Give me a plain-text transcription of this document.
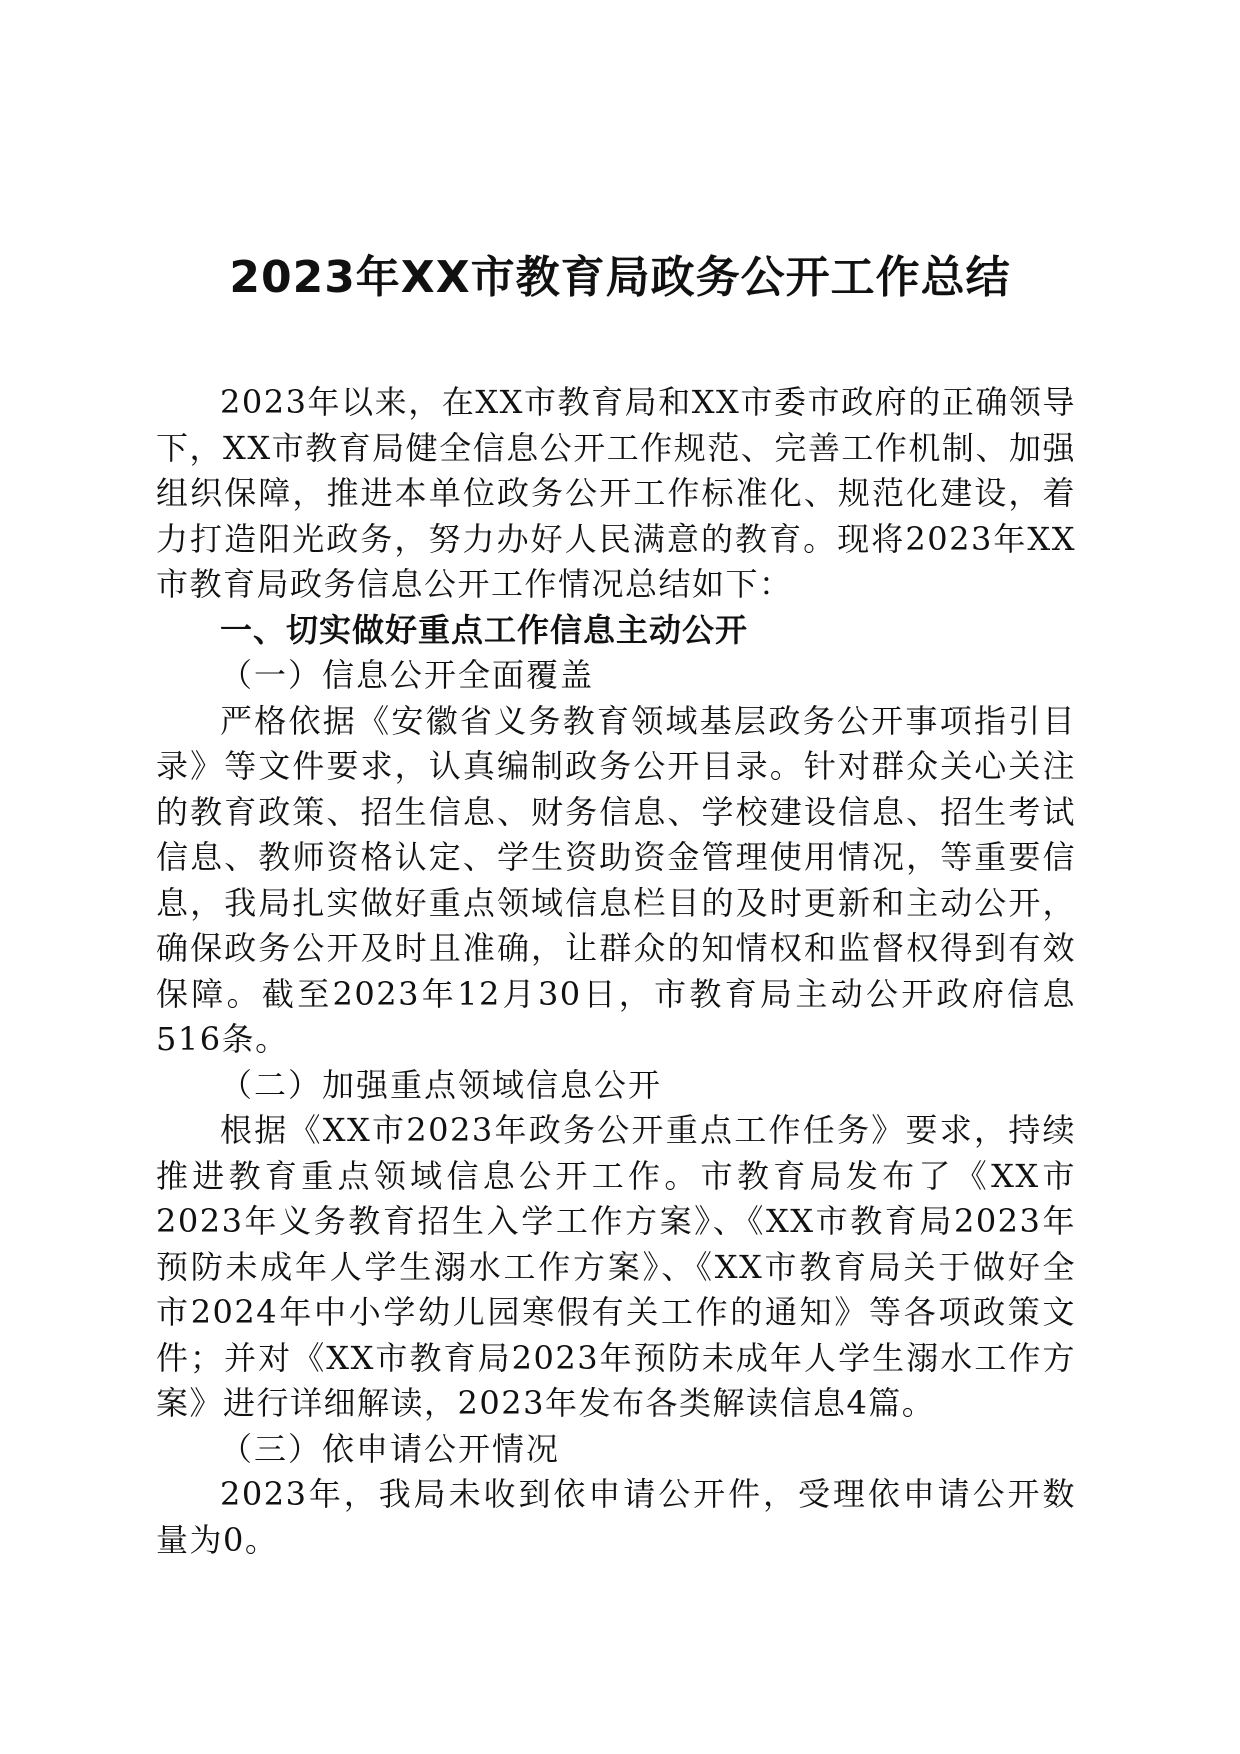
2023年XX市教育局政务公开工作总结

2023年以来，在XX市教育局和XX市委市政府的正确领导下，XX市教育局健全信息公开工作规范、完善工作机制、加强组织保障，推进本单位政务公开工作标准化、规范化建设，着力打造阳光政务，努力办好人民满意的教育。现将2023年XX市教育局政务信息公开工作情况总结如下：

一、切实做好重点工作信息主动公开

（一）信息公开全面覆盖

严格依据《安徽省义务教育领域基层政务公开事项指引目录》等文件要求，认真编制政务公开目录。针对群众关心关注的教育政策、招生信息、财务信息、学校建设信息、招生考试信息、教师资格认定、学生资助资金管理使用情况，等重要信息，我局扎实做好重点领域信息栏目的及时更新和主动公开，确保政务公开及时且准确，让群众的知情权和监督权得到有效保障。截至2023年12月30日，市教育局主动公开政府信息516条。

（二）加强重点领域信息公开

根据《XX市2023年政务公开重点工作任务》要求，持续推进教育重点领域信息公开工作。市教育局发布了《XX市2023年义务教育招生入学工作方案》、《XX市教育局2023年预防未成年人学生溺水工作方案》、《XX市教育局关于做好全市2024年中小学幼儿园寒假有关工作的通知》等各项政策文件；并对《XX市教育局2023年预防未成年人学生溺水工作方案》进行详细解读，2023年发布各类解读信息4篇。

（三）依申请公开情况

2023年，我局未收到依申请公开件，受理依申请公开数量为0。
